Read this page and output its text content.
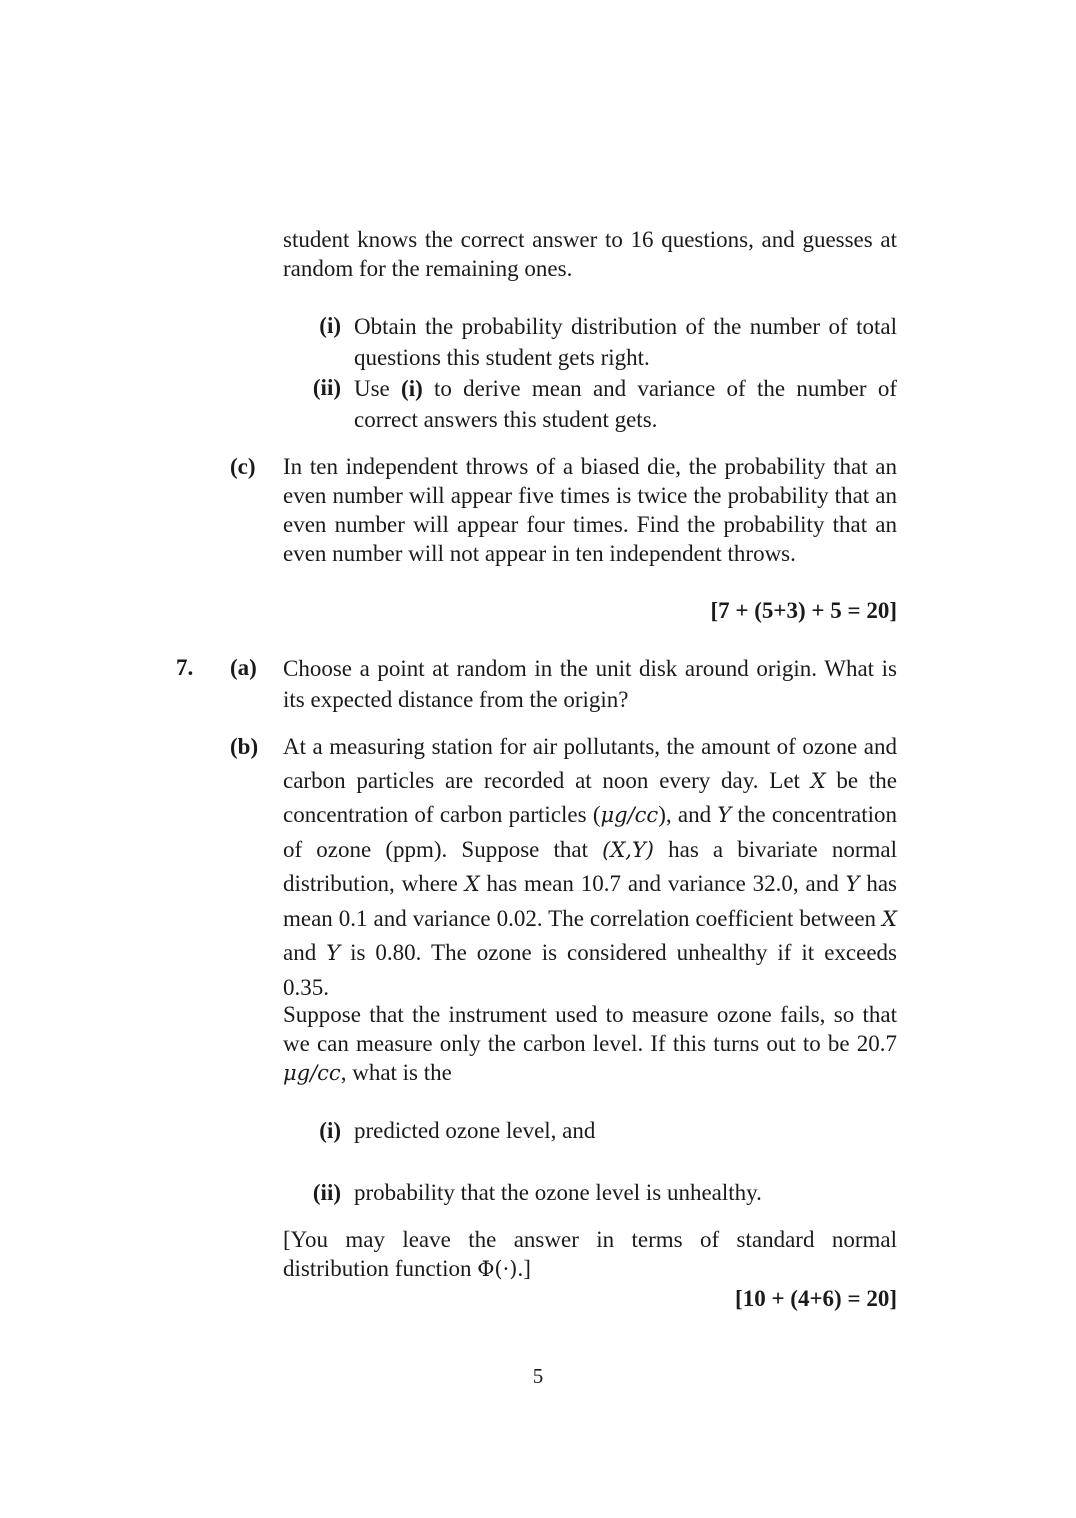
student knows the correct answer to 16 questions, and guesses at random for the remaining ones.
(i) Obtain the probability distribution of the number of total questions this student gets right.
(ii) Use (i) to derive mean and variance of the number of correct answers this student gets.
(c) In ten independent throws of a biased die, the probability that an even number will appear five times is twice the probability that an even number will appear four times. Find the probability that an even number will not appear in ten independent throws.
[7 + (5+3) + 5 = 20]
7. (a) Choose a point at random in the unit disk around origin. What is its expected distance from the origin?
(b) At a measuring station for air pollutants, the amount of ozone and carbon particles are recorded at noon every day. Let X be the concentration of carbon particles (μg/cc), and Y the concentration of ozone (ppm). Suppose that (X,Y) has a bivariate normal distribution, where X has mean 10.7 and variance 32.0, and Y has mean 0.1 and variance 0.02. The correlation coefficient between X and Y is 0.80. The ozone is considered unhealthy if it exceeds 0.35.
Suppose that the instrument used to measure ozone fails, so that we can measure only the carbon level. If this turns out to be 20.7 μg/cc, what is the
(i) predicted ozone level, and
(ii) probability that the ozone level is unhealthy.
[You may leave the answer in terms of standard normal distribution function Φ(·).]
[10 + (4+6) = 20]
5
